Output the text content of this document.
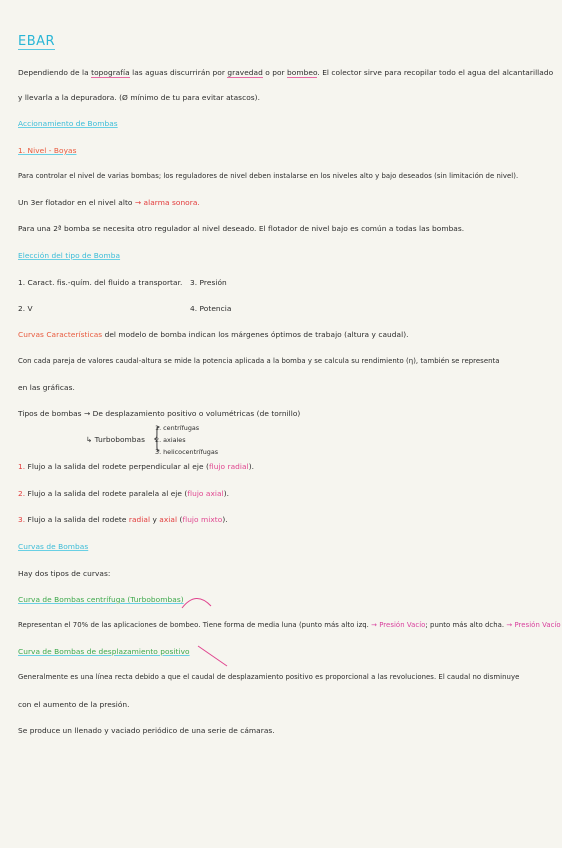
EBAR
Dependiendo de la topografía las aguas discurrirán por gravedad o por bombeo. El colector sirve para recopilar todo el agua del alcantarillado
y llevarla a la depuradora. (Ø mínimo de tu para evitar atascos).
Accionamiento de Bombas
1. Nivel - Boyas
Para controlar el nivel de varias bombas; los reguladores de nivel deben instalarse en los niveles alto y bajo deseados (sin limitación de nivel).
Un 3er flotador en el nivel alto → alarma sonora.
Para una 2ª bomba se necesita otro regulador al nivel deseado. El flotador de nivel bajo es común a todas las bombas.
Elección del tipo de Bomba
1. Caract. fis.-quím. del fluido a transportar. 3. Presión
2. V	4. Potencia
Curvas Características del modelo de bomba indican los márgenes óptimos de trabajo (altura y caudal).
Con cada pareja de valores caudal-altura se mide la potencia aplicada a la bomba y se calcula su rendimiento (η), también se representa
en las gráficas.
Tipos de bombas → De desplazamiento positivo o volumétricas (de tornillo)
↳ Turbobombas {
1. centrífugas
2. axiales
3. helicocentrífugas
1. Flujo a la salida del rodete perpendicular al eje (flujo radial).
2. Flujo a la salida del rodete paralela al eje (flujo axial).
3. Flujo a la salida del rodete radial y axial (flujo mixto).
Curvas de Bombas
Hay dos tipos de curvas:
Curva de Bombas centrífuga (Turbobombas)
Representan el 70% de las aplicaciones de bombeo. Tiene forma de media luna (punto más alto izq. → Presión Vacío; punto más alto dcha. → Presión Vacío
Curva de Bombas de desplazamiento positivo
Generalmente es una línea recta debido a que el caudal de desplazamiento positivo es proporcional a las revoluciones. El caudal no disminuye
con el aumento de la presión.
Se produce un llenado y vaciado periódico de una serie de cámaras.
